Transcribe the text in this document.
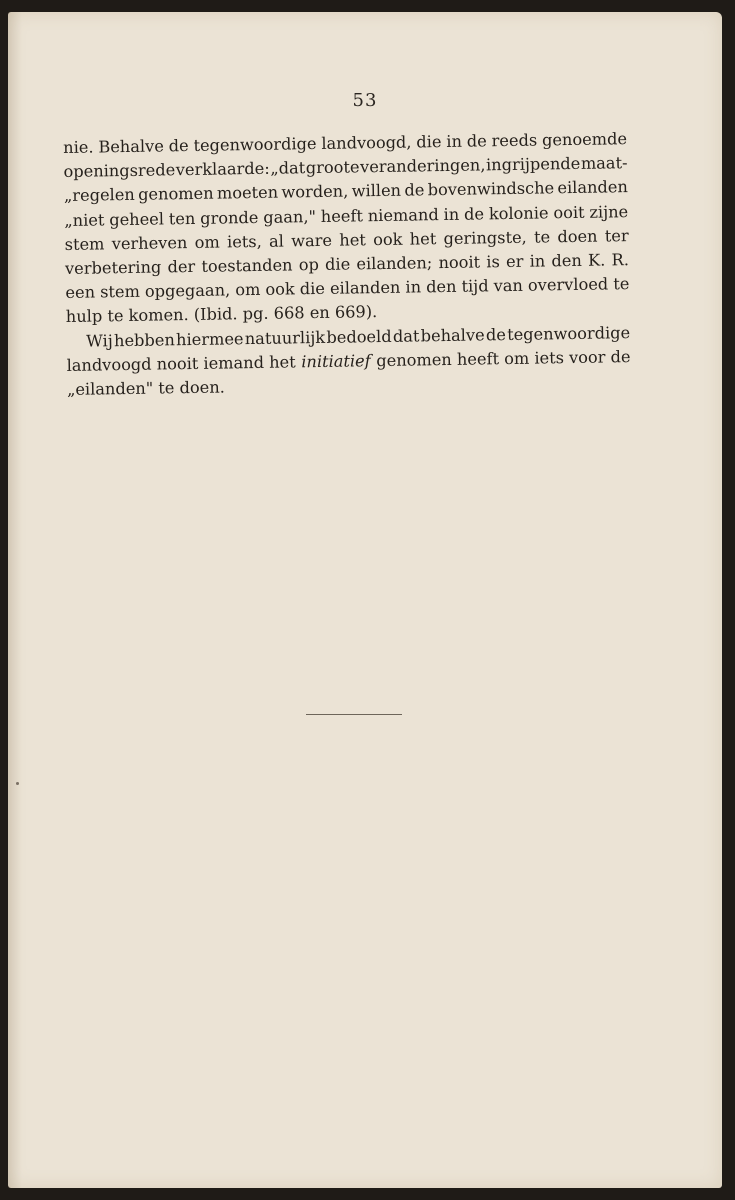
53
nie. Behalve de tegenwoordige landvoogd, die in de reeds genoemde
openingsrede verklaarde: „dat groote veranderingen, ingrijpende maat-
„regelen genomen moeten worden, willen de bovenwindsche eilanden
„niet geheel ten gronde gaan," heeft niemand in de kolonie ooit zijne
stem verheven om iets, al ware het ook het geringste, te doen ter
verbetering der toestanden op die eilanden; nooit is er in den K. R.
een stem opgegaan, om ook die eilanden in den tijd van overvloed te
hulp te komen. (Ibid. pg. 668 en 669).
Wij hebben hiermee natuurlijk bedoeld dat behalve de tegenwoordige
landvoogd nooit iemand het initiatief genomen heeft om iets voor de
„eilanden" te doen.
